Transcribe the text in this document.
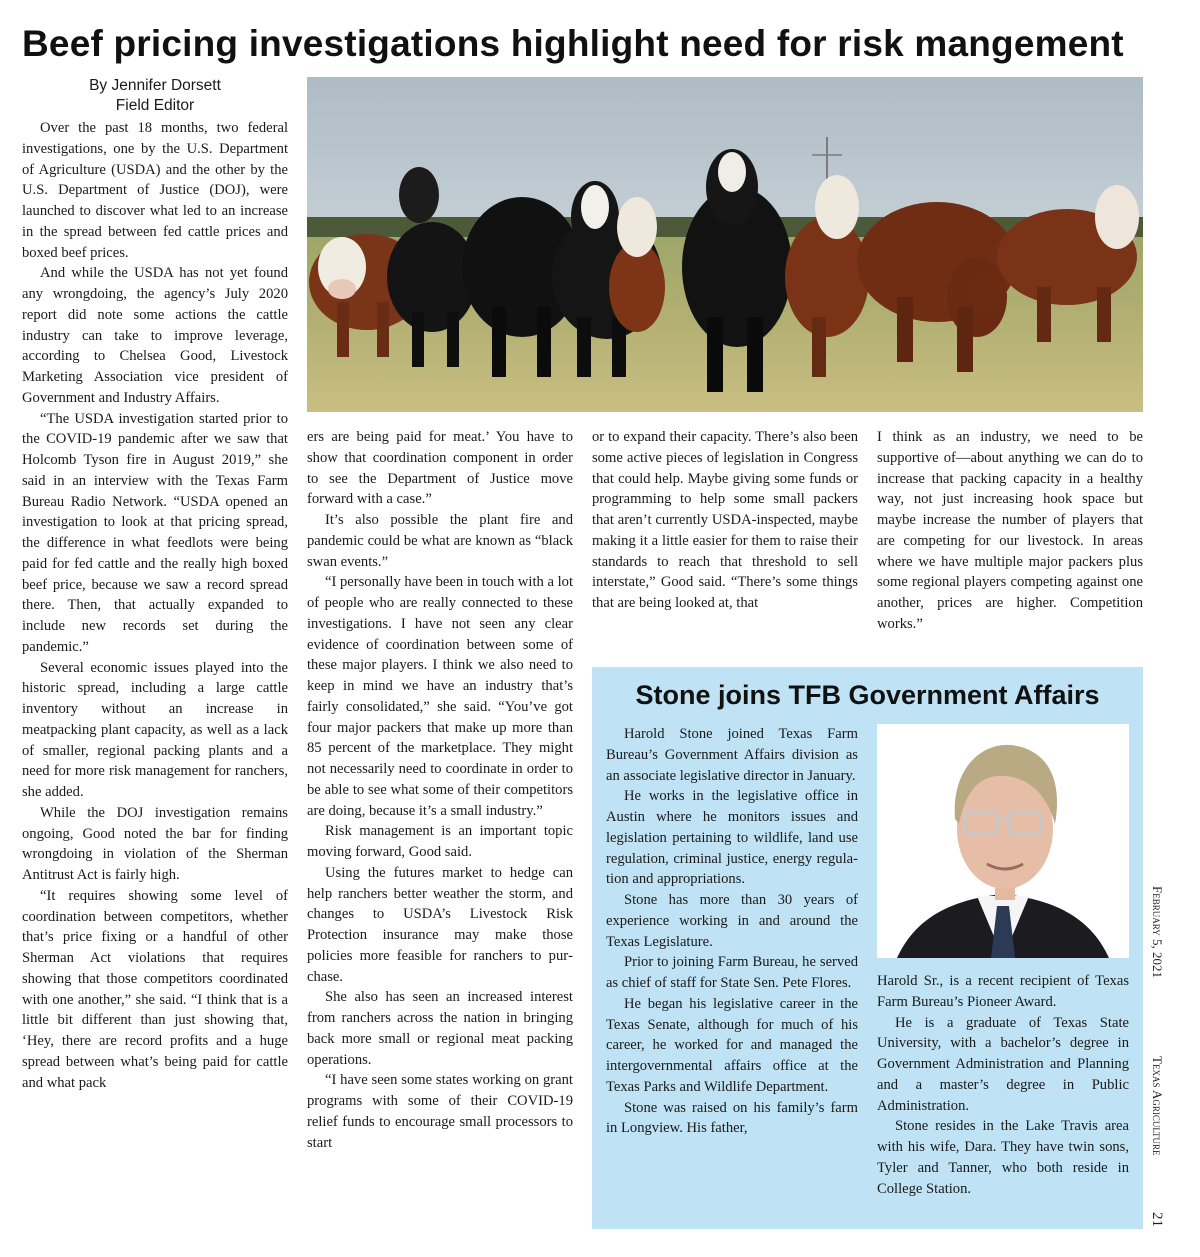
Beef pricing investigations highlight need for risk mangement
By Jennifer Dorsett
Field Editor

Over the past 18 months, two federal investigations, one by the U.S. Department of Agriculture (USDA) and the other by the U.S. Department of Justice (DOJ), were launched to discover what led to an increase in the spread between fed cattle prices and boxed beef prices.

And while the USDA has not yet found any wrongdoing, the agency’s July 2020 report did note some actions the cattle industry can take to improve leverage, according to Chelsea Good, Livestock Marketing Association vice president of Government and Industry Affairs.

“The USDA investigation started prior to the COVID-19 pandemic after we saw that Holcomb Tyson fire in August 2019,” she said in an interview with the Texas Farm Bureau Radio Network. “USDA opened an investigation to look at that pricing spread, the difference in what feedlots were being paid for fed cattle and the really high boxed beef price, because we saw a record spread there. Then, that actually expanded to include new records set during the pandemic.”

Several economic issues played into the historic spread, including a large cattle inventory without an increase in meatpacking plant capacity, as well as a lack of smaller, regional packing plants and a need for more risk management for ranchers, she added.

While the DOJ investigation remains ongoing, Good noted the bar for finding wrongdoing in violation of the Sherman Antitrust Act is fairly high.

“It requires showing some level of coordination between competitors, whether that’s price fixing or a handful of other Sherman Act violations that requires showing that those competitors coordinated with one another,” she said. “I think that is a little bit different than just showing that, ‘Hey, there are record profits and a huge spread between what’s being paid for cattle and what pack

ers are being paid for meat.’ You have to show that coordination component in order to see the Department of Justice move forward with a case.”

It’s also possible the plant fire and pandemic could be what are known as “black swan events.”

“I personally have been in touch with a lot of people who are really connected to these investigations. I have not seen any clear evidence of coordination between some of these major players. I think we also need to keep in mind we have an industry that’s fairly consolidated,” she said. “You’ve got four major packers that make up more than 85 percent of the marketplace. They might not necessarily need to coordinate in order to be able to see what some of their competitors are doing, because it’s a small industry.”

Risk management is an important topic moving forward, Good said.

Using the futures market to hedge can help ranchers better weather the storm, and changes to USDA’s Livestock Risk Protection insurance may make those policies more feasible for ranchers to purchase.

She also has seen an increased interest from ranchers across the nation in bringing back more small or regional meat packing operations.

“I have seen some states working on grant programs with some of their COVID-19 relief funds to encourage small processors to start

or to expand their capacity. There’s also been some active pieces of legislation in Congress that could help. Maybe giving some funds or programming to help some small packers that aren’t currently USDA-inspected, maybe making it a little easier for them to raise their standards to reach that threshold to sell interstate,” Good said. “There’s some things that are being looked at, that

I think as an industry, we need to be supportive of—about anything we can do to increase that packing capacity in a healthy way, not just increasing hook space but maybe increase the number of players that are competing for our livestock. In areas where we have multiple major packers plus some regional players competing against one another, prices are higher. Competition works.”

Stone joins TFB Government Affairs

Harold Stone joined Texas Farm Bureau’s Government Affairs division as an associate legislative director in January.

He works in the legislative office in Austin where he monitors issues and legislation pertaining to wildlife, land use regulation, criminal justice, energy regulation and appropriations.

Stone has more than 30 years of experience working in and around the Texas Legislature.

Prior to joining Farm Bureau, he served as chief of staff for State Sen. Pete Flores.

He began his legislative career in the Texas Senate, although for much of his career, he worked for and managed the intergovernmental affairs office at the Texas Parks and Wildlife Department.

Stone was raised on his family’s farm in Longview. His father,

Harold Sr., is a recent recipient of Texas Farm Bureau’s Pioneer Award.

He is a graduate of Texas State University, with a bachelor’s degree in Government Administration and Planning and a master’s degree in Public Administration.

Stone resides in the Lake Travis area with his wife, Dara. They have twin sons, Tyler and Tanner, who both reside in College Station.

February 5, 2021
Texas Agriculture
21
